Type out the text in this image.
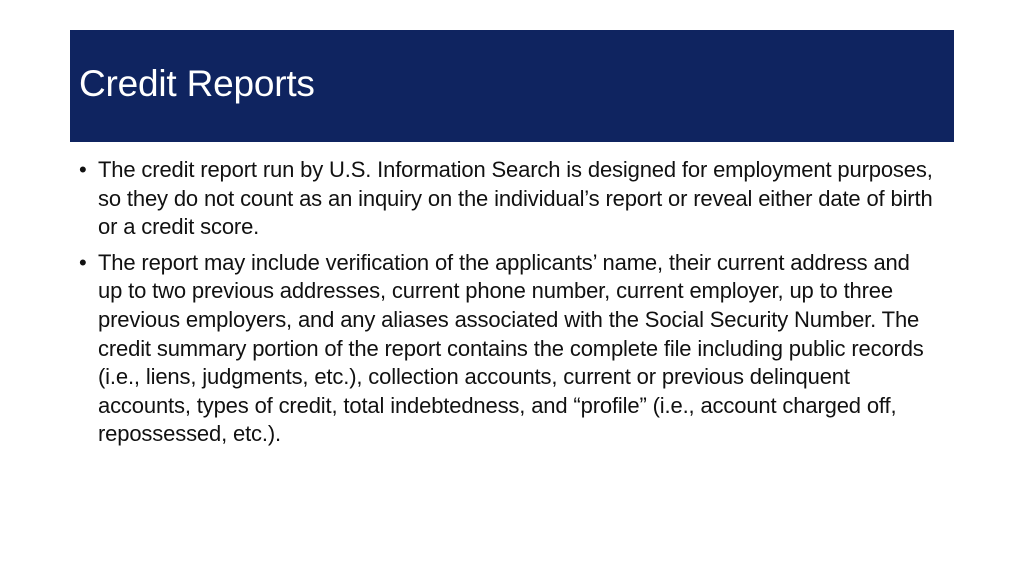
Credit Reports
• The credit report run by U.S. Information Search is designed for employment purposes, so they do not count as an inquiry on the individual’s report or reveal either date of birth or a credit score.
• The report may include verification of the applicants’ name, their current address and up to two previous addresses, current phone number, current employer, up to three previous employers, and any aliases associated with the Social Security Number. The credit summary portion of the report contains the complete file including public records (i.e., liens, judgments, etc.), collection accounts, current or previous delinquent accounts, types of credit, total indebtedness, and “profile” (i.e., account charged off, repossessed, etc.).
